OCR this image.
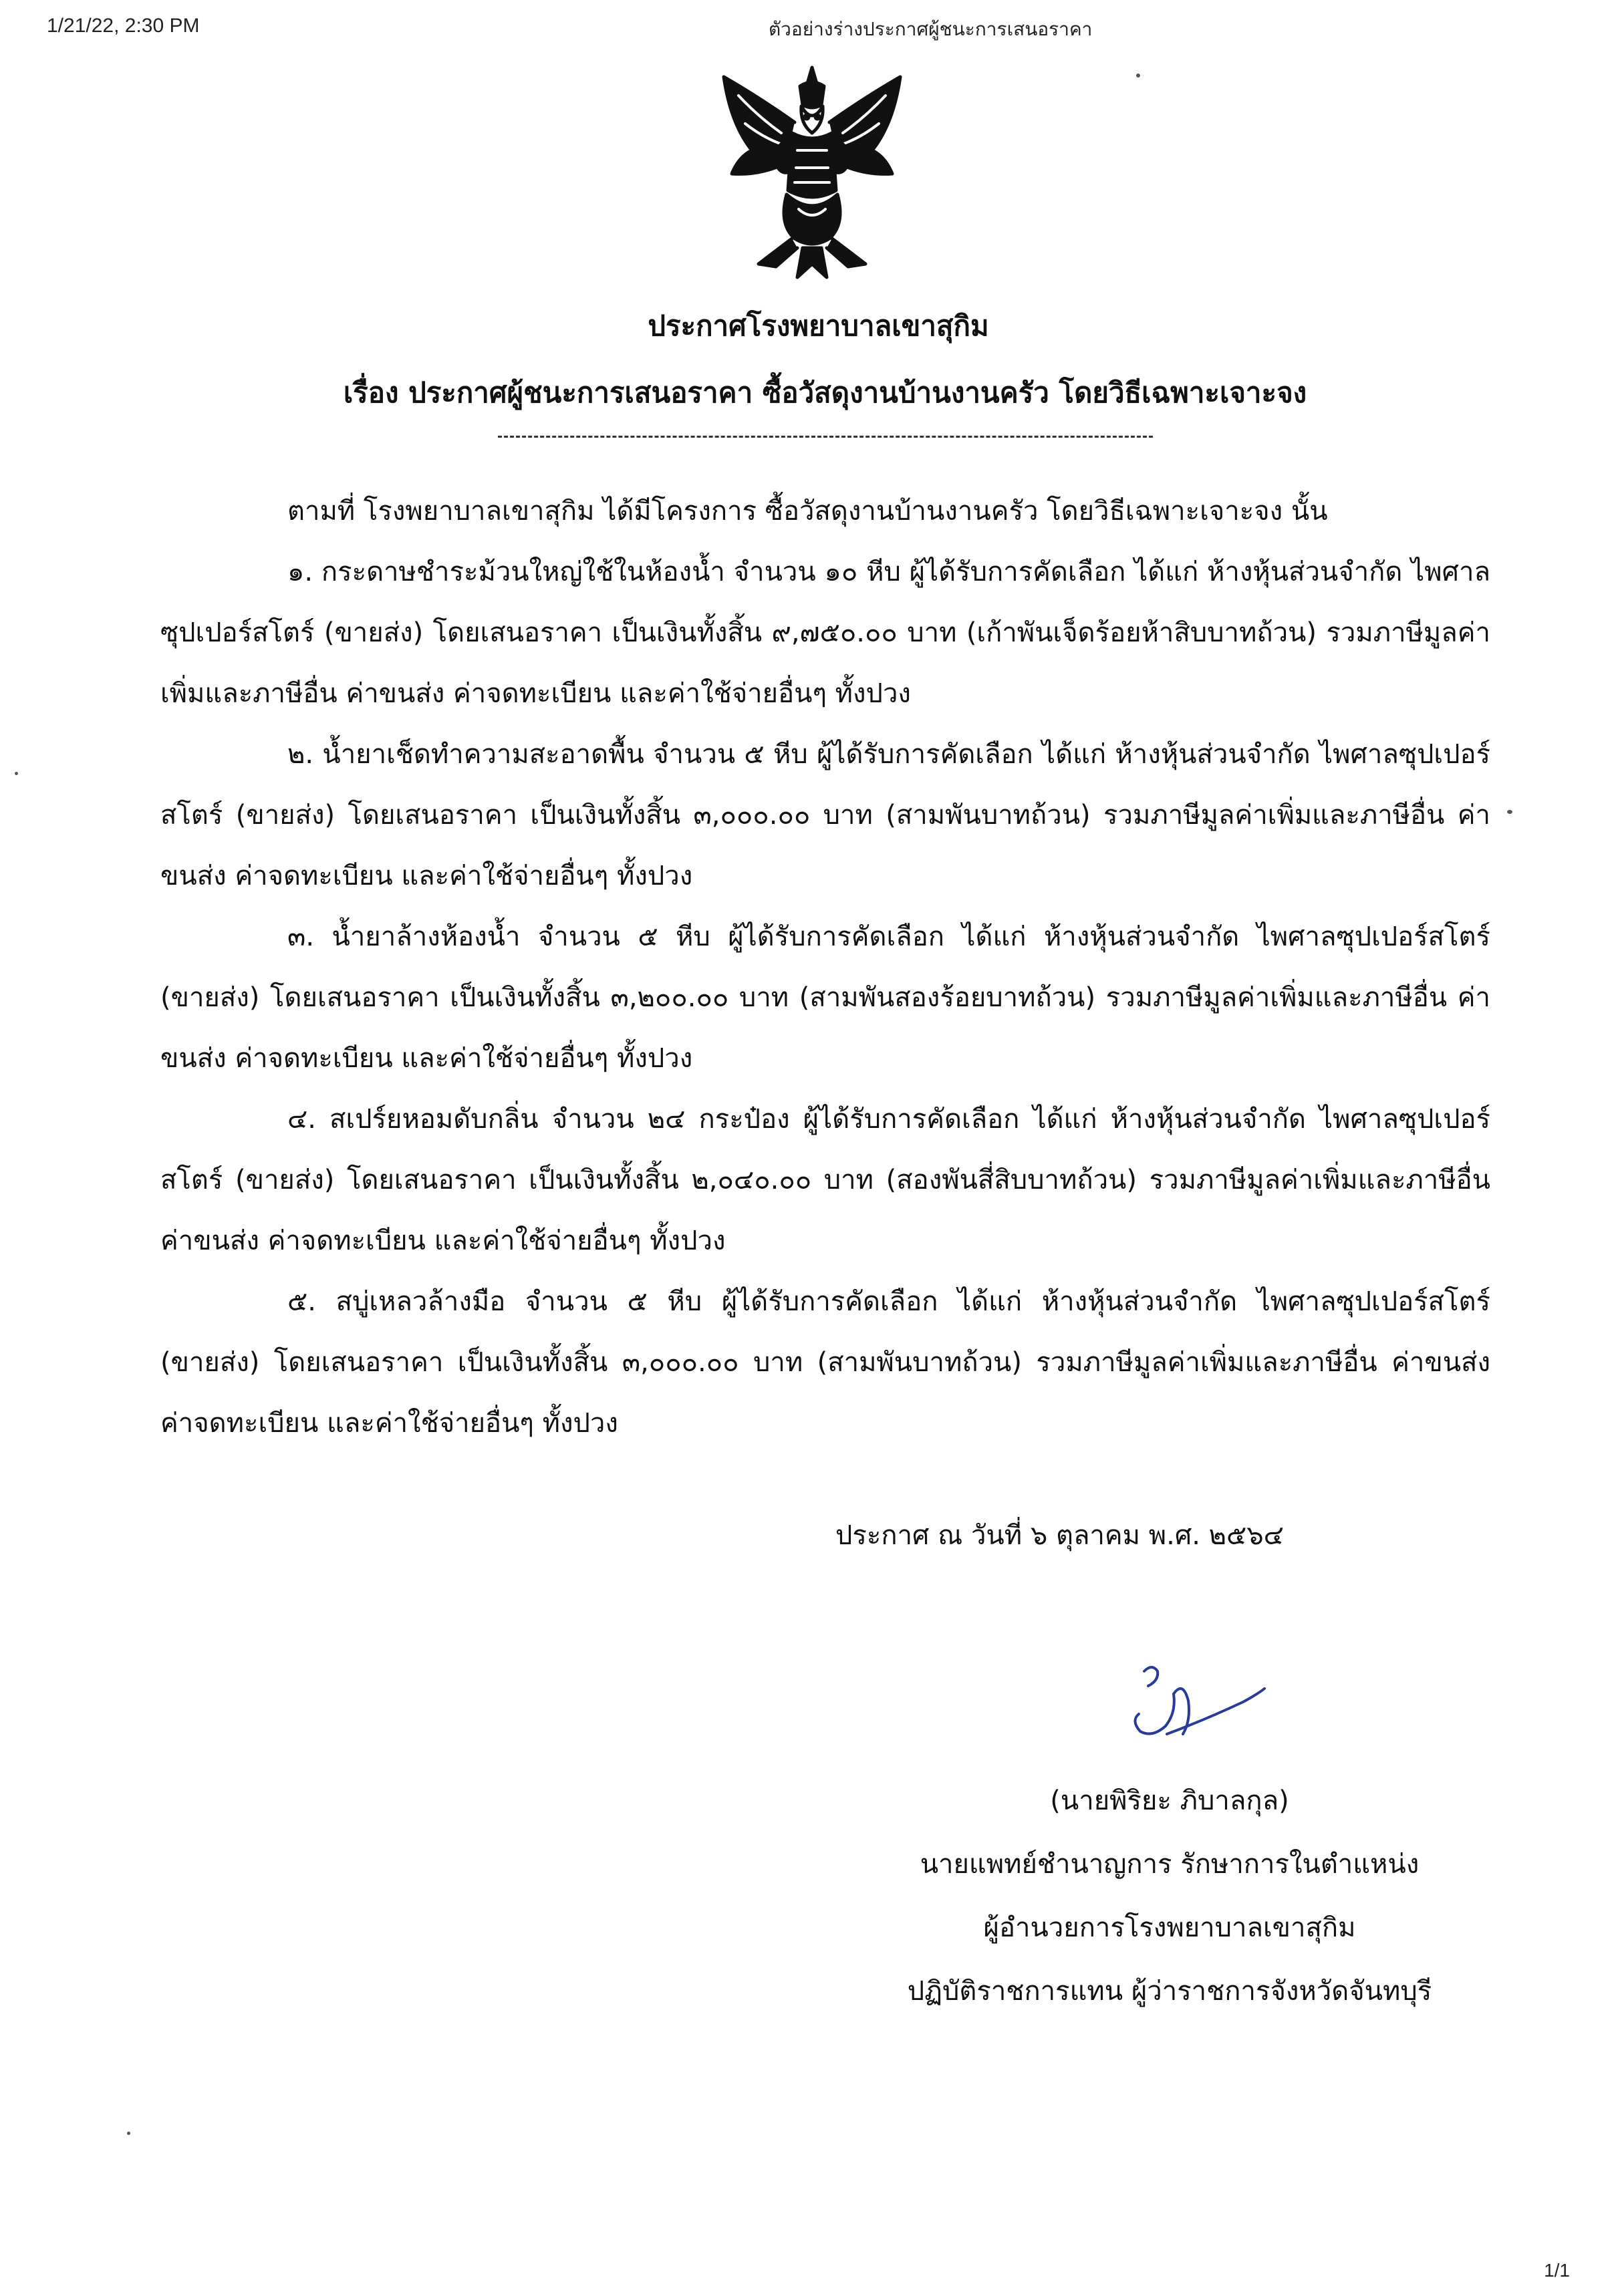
1/21/22, 2:30 PM	ตัวอย่างร่างประกาศผู้ชนะการเสนอราคา
ประกาศโรงพยาบาลเขาสุกิม
เรื่อง ประกาศผู้ชนะการเสนอราคา ซื้อวัสดุงานบ้านงานครัว โดยวิธีเฉพาะเจาะจง

ตามที่ โรงพยาบาลเขาสุกิม ได้มีโครงการ ซื้อวัสดุงานบ้านงานครัว โดยวิธีเฉพาะเจาะจง นั้น

๑. กระดาษชำระม้วนใหญ่ใช้ในห้องน้ำ จำนวน ๑๐ หีบ ผู้ได้รับการคัดเลือก ได้แก่ ห้างหุ้นส่วนจำกัด ไพศาลซุปเปอร์สโตร์ (ขายส่ง) โดยเสนอราคา เป็นเงินทั้งสิ้น ๙,๗๕๐.๐๐ บาท (เก้าพันเจ็ดร้อยห้าสิบบาทถ้วน) รวมภาษีมูลค่าเพิ่มและภาษีอื่น ค่าขนส่ง ค่าจดทะเบียน และค่าใช้จ่ายอื่นๆ ทั้งปวง

๒. น้ำยาเช็ดทำความสะอาดพื้น จำนวน ๕ หีบ ผู้ได้รับการคัดเลือก ได้แก่ ห้างหุ้นส่วนจำกัด ไพศาลซุปเปอร์สโตร์ (ขายส่ง) โดยเสนอราคา เป็นเงินทั้งสิ้น ๓,๐๐๐.๐๐ บาท (สามพันบาทถ้วน) รวมภาษีมูลค่าเพิ่มและภาษีอื่น ค่าขนส่ง ค่าจดทะเบียน และค่าใช้จ่ายอื่นๆ ทั้งปวง

๓. น้ำยาล้างห้องน้ำ จำนวน ๕ หีบ ผู้ได้รับการคัดเลือก ได้แก่ ห้างหุ้นส่วนจำกัด ไพศาลซุปเปอร์สโตร์ (ขายส่ง) โดยเสนอราคา เป็นเงินทั้งสิ้น ๓,๒๐๐.๐๐ บาท (สามพันสองร้อยบาทถ้วน) รวมภาษีมูลค่าเพิ่มและภาษีอื่น ค่าขนส่ง ค่าจดทะเบียน และค่าใช้จ่ายอื่นๆ ทั้งปวง

๔. สเปร์ยหอมดับกลิ่น จำนวน ๒๔ กระป๋อง ผู้ได้รับการคัดเลือก ได้แก่ ห้างหุ้นส่วนจำกัด ไพศาลซุปเปอร์สโตร์ (ขายส่ง) โดยเสนอราคา เป็นเงินทั้งสิ้น ๒,๐๔๐.๐๐ บาท (สองพันสี่สิบบาทถ้วน) รวมภาษีมูลค่าเพิ่มและภาษีอื่น ค่าขนส่ง ค่าจดทะเบียน และค่าใช้จ่ายอื่นๆ ทั้งปวง

๕. สบู่เหลวล้างมือ จำนวน ๕ หีบ ผู้ได้รับการคัดเลือก ได้แก่ ห้างหุ้นส่วนจำกัด ไพศาลซุปเปอร์สโตร์ (ขายส่ง) โดยเสนอราคา เป็นเงินทั้งสิ้น ๓,๐๐๐.๐๐ บาท (สามพันบาทถ้วน) รวมภาษีมูลค่าเพิ่มและภาษีอื่น ค่าขนส่ง ค่าจดทะเบียน และค่าใช้จ่ายอื่นๆ ทั้งปวง

ประกาศ ณ วันที่ ๖ ตุลาคม พ.ศ. ๒๕๖๔
(นายพิริยะ ภิบาลกุล)
นายแพทย์ชำนาญการ รักษาการในตำแหน่ง
ผู้อำนวยการโรงพยาบาลเขาสุกิม
ปฏิบัติราชการแทน ผู้ว่าราชการจังหวัดจันทบุรี
1/1
